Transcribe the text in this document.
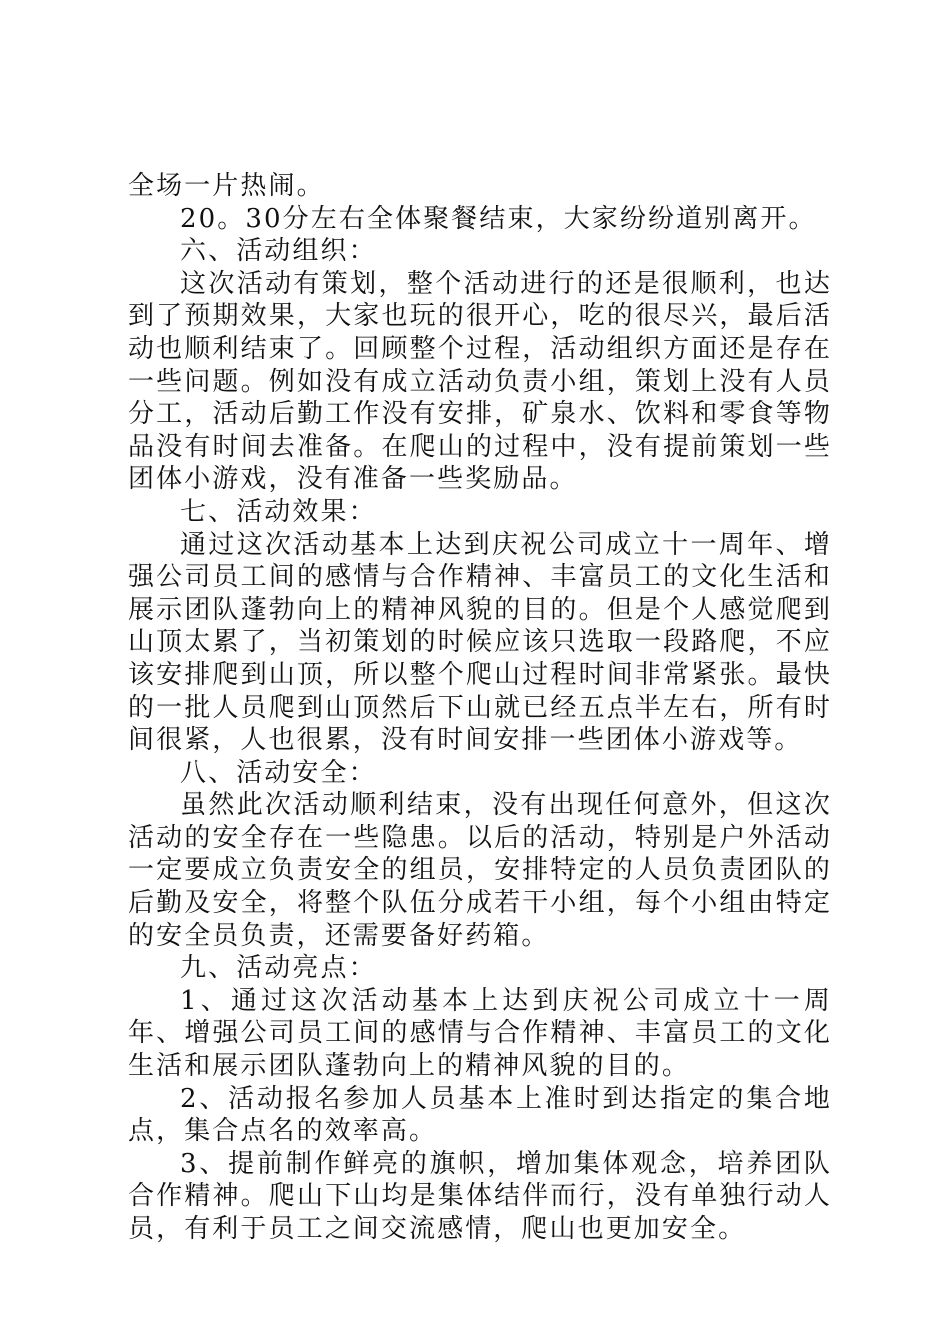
全场一片热闹。

20。30分左右全体聚餐结束，大家纷纷道别离开。

六、活动组织：

这次活动有策划，整个活动进行的还是很顺利，也达到了预期效果，大家也玩的很开心，吃的很尽兴，最后活动也顺利结束了。回顾整个过程，活动组织方面还是存在一些问题。例如没有成立活动负责小组，策划上没有人员分工，活动后勤工作没有安排，矿泉水、饮料和零食等物品没有时间去准备。在爬山的过程中，没有提前策划一些团体小游戏，没有准备一些奖励品。

七、活动效果：

通过这次活动基本上达到庆祝公司成立十一周年、增强公司员工间的感情与合作精神、丰富员工的文化生活和展示团队蓬勃向上的精神风貌的目的。但是个人感觉爬到山顶太累了，当初策划的时候应该只选取一段路爬，不应该安排爬到山顶，所以整个爬山过程时间非常紧张。最快的一批人员爬到山顶然后下山就已经五点半左右，所有时间很紧，人也很累，没有时间安排一些团体小游戏等。

八、活动安全：

虽然此次活动顺利结束，没有出现任何意外，但这次活动的安全存在一些隐患。以后的活动，特别是户外活动一定要成立负责安全的组员，安排特定的人员负责团队的后勤及安全，将整个队伍分成若干小组，每个小组由特定的安全员负责，还需要备好药箱。

九、活动亮点：

1、通过这次活动基本上达到庆祝公司成立十一周年、增强公司员工间的感情与合作精神、丰富员工的文化生活和展示团队蓬勃向上的精神风貌的目的。

2、活动报名参加人员基本上准时到达指定的集合地点，集合点名的效率高。

3、提前制作鲜亮的旗帜，增加集体观念，培养团队合作精神。爬山下山均是集体结伴而行，没有单独行动人员，有利于员工之间交流感情，爬山也更加安全。
